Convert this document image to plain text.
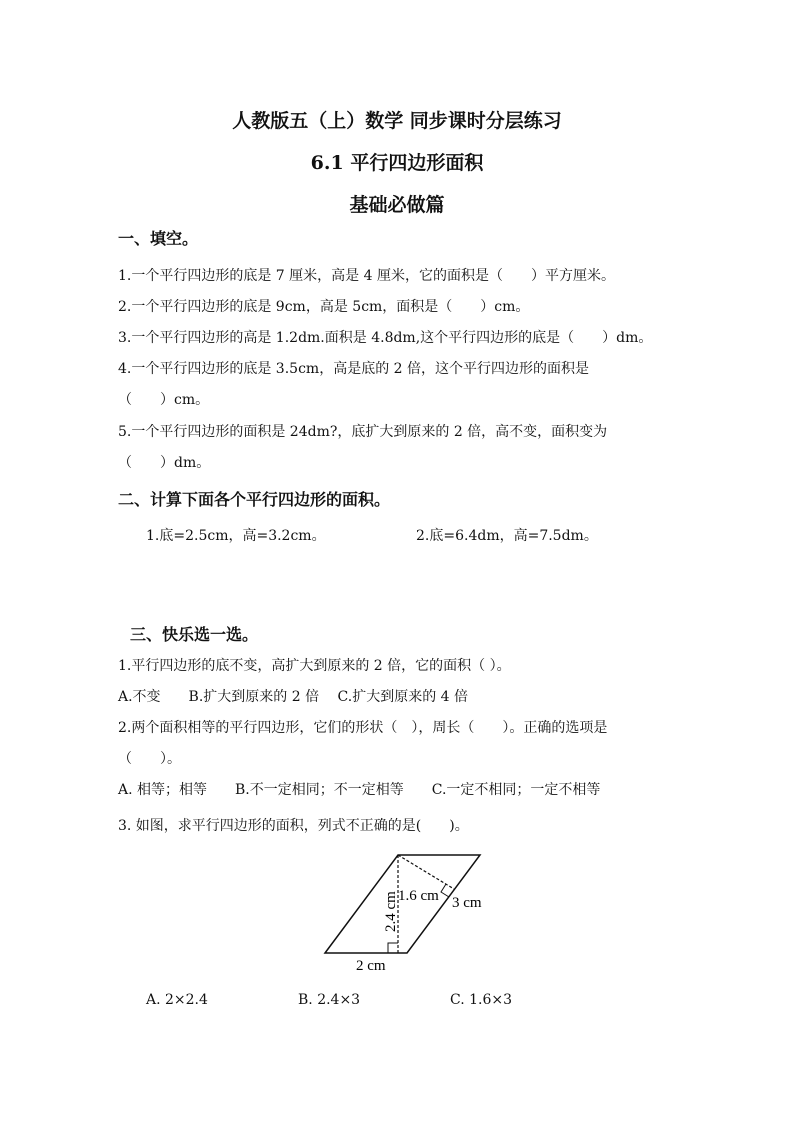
人教版五（上）数学 同步课时分层练习
6.1 平行四边形面积
基础必做篇
一、填空。
1.一个平行四边形的底是 7 厘米，高是 4 厘米，它的面积是（　　）平方厘米。
2.一个平行四边形的底是 9cm，高是 5cm，面积是（　　）cm。
3.一个平行四边形的高是 1.2dm.面积是 4.8dm,这个平行四边形的底是（　　）dm。
4.一个平行四边形的底是 3.5cm，高是底的 2 倍，这个平行四边形的面积是
（　　）cm。
5.一个平行四边形的面积是 24dm?，底扩大到原来的 2 倍，高不变，面积变为
（　　）dm。
二、计算下面各个平行四边形的面积。
1.底=2.5cm，高=3.2cm。	2.底=6.4dm，高=7.5dm。
三、快乐选一选。
1.平行四边形的底不变，高扩大到原来的 2 倍，它的面积（ ）。
A.不变　　B.扩大到原来的 2 倍　 C.扩大到原来的 4 倍
2.两个面积相等的平行四边形，它们的形状（　），周长（　　）。正确的选项是
（　　）。
A. 相等；相等　　B.不一定相同；不一定相等　　C.一定不相同；一定不相等
3. 如图，求平行四边形的面积，列式不正确的是(　　)。
2.4 cm 1.6 cm 3 cm
2 cm
A. 2×2.4	B. 2.4×3	C. 1.6×3
